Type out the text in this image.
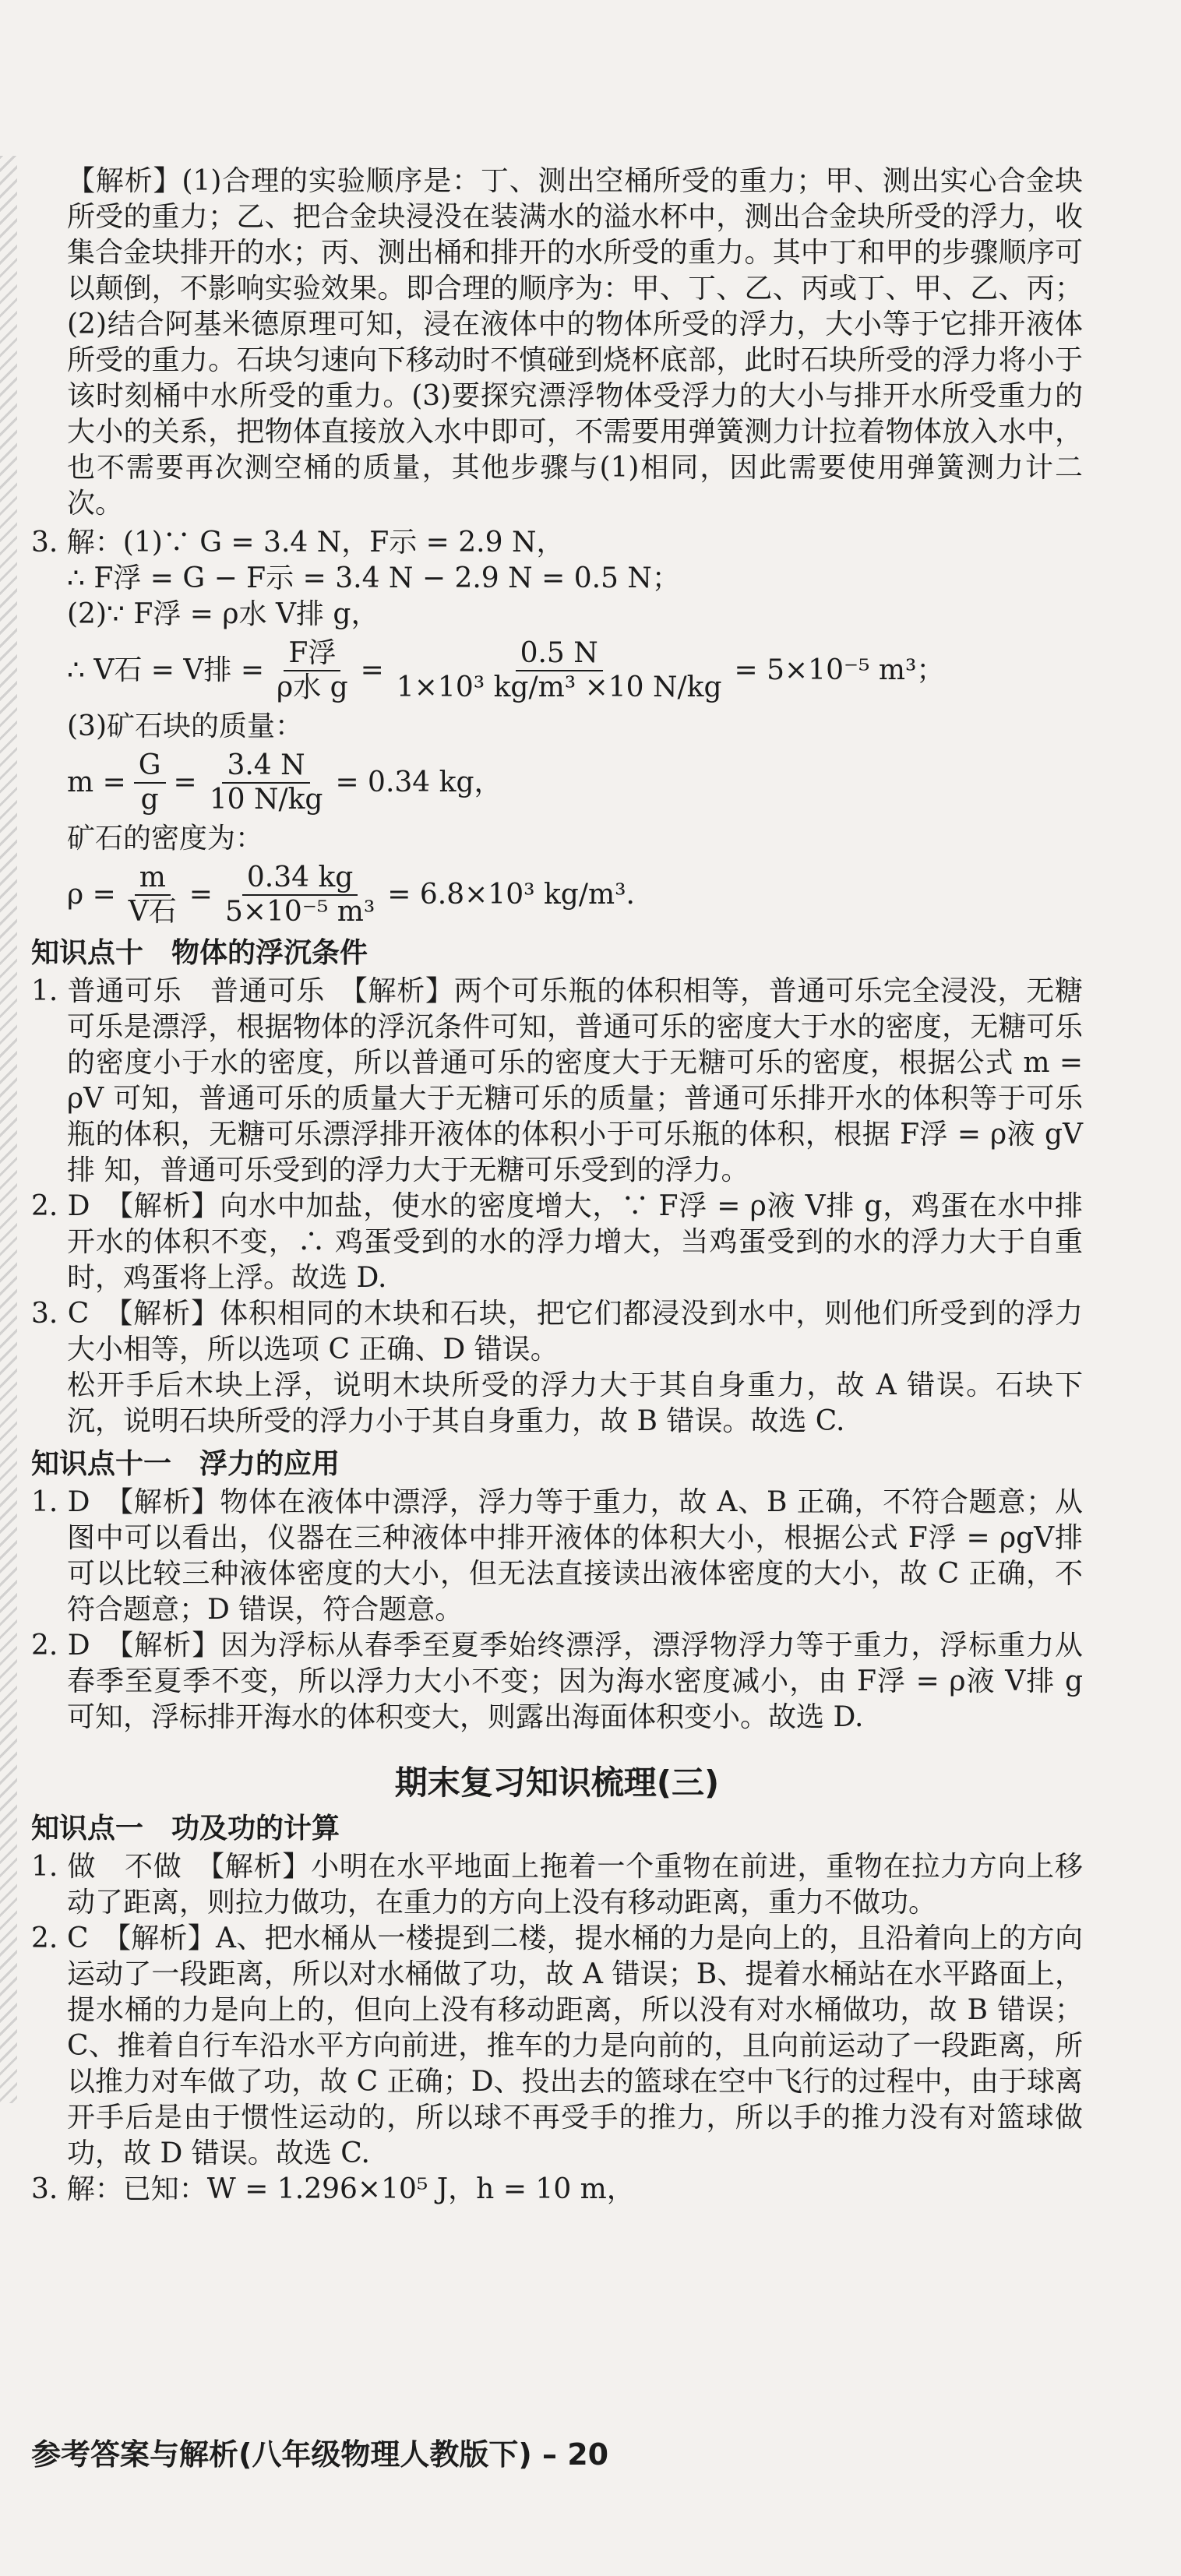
【解析】(1)合理的实验顺序是：丁、测出空桶所受的重力；甲、测出实心合金块所受的重力；乙、把合金块浸没在装满水的溢水杯中，测出合金块所受的浮力，收集合金块排开的水；丙、测出桶和排开的水所受的重力。其中丁和甲的步骤顺序可以颠倒，不影响实验效果。即合理的顺序为：甲、丁、乙、丙或丁、甲、乙、丙；(2)结合阿基米德原理可知，浸在液体中的物体所受的浮力，大小等于它排开液体所受的重力。石块匀速向下移动时不慎碰到烧杯底部，此时石块所受的浮力将小于该时刻桶中水所受的重力。(3)要探究漂浮物体受浮力的大小与排开水所受重力的大小的关系，把物体直接放入水中即可，不需要用弹簧测力计拉着物体放入水中，也不需要再次测空桶的质量，其他步骤与(1)相同，因此需要使用弹簧测力计二次。

3. 解：(1)∵ G = 3.4 N，F示 = 2.9 N，

∴ F浮 = G − F示 = 3.4 N − 2.9 N = 0.5 N；

(2)∵ F浮 = ρ水 V排 g，

∴ V石 = V排 = $\frac{\text{F浮}}{\text{ρ水 g}} = \frac{0.5 N}{\text{1×10³ kg/m³ ×10 N/kg}} = 5\times 10^{-5}$ m³；

(3)矿石块的质量：

$m = \frac{G}{g} = \frac{3.4 N}{10 N/kg} = 0.34$ kg，

矿石的密度为：

$\rho = \frac{m}{\text{V石}} = \frac{0.34 kg}{\text{5×10⁻⁵ m³}} = 6.8\times 10^3$ kg/m³.
知识点十　物体的浮沉条件

1. 普通可乐　普通可乐　【解析】两个可乐瓶的体积相等，普通可乐完全浸没，无糖可乐是漂浮，根据物体的浮沉条件可知，普通可乐的密度大于水的密度，无糖可乐的密度小于水的密度，所以普通可乐的密度大于无糖可乐的密度，根据公式 m = ρV 可知，普通可乐的质量大于无糖可乐的质量；普通可乐排开水的体积等于可乐瓶的体积，无糖可乐漂浮排开液体的体积小于可乐瓶的体积，根据 F浮 = ρ液 gV排 知，普通可乐受到的浮力大于无糖可乐受到的浮力。

2. D　【解析】向水中加盐，使水的密度增大，∵ F浮 = ρ液 V排 g，鸡蛋在水中排开水的体积不变，∴ 鸡蛋受到的水的浮力增大，当鸡蛋受到的水的浮力大于自重时，鸡蛋将上浮。故选 D.

3. C　【解析】体积相同的木块和石块，把它们都浸没到水中，则他们所受到的浮力大小相等，所以选项 C 正确、D 错误。

松开手后木块上浮，说明木块所受的浮力大于其自身重力，故 A 错误。石块下沉，说明石块所受的浮力小于其自身重力，故 B 错误。故选 C.

知识点十一　浮力的应用

1. D　【解析】物体在液体中漂浮，浮力等于重力，故 A、B 正确，不符合题意；从图中可以看出，仪器在三种液体中排开液体的体积大小，根据公式 F浮 = ρgV排 可以比较三种液体密度的大小，但无法直接读出液体密度的大小，故 C 正确，不符合题意；D 错误，符合题意。

2. D　【解析】因为浮标从春季至夏季始终漂浮，漂浮物浮力等于重力，浮标重力从春季至夏季不变，所以浮力大小不变；因为海水密度减小，由 F浮 = ρ液 V排 g 可知，浮标排开海水的体积变大，则露出海面体积变小。故选 D.

期末复习知识梳理(三)
知识点一　功及功的计算

1. 做　不做　【解析】小明在水平地面上拖着一个重物在前进，重物在拉力方向上移动了距离，则拉力做功，在重力的方向上没有移动距离，重力不做功。

2. C　【解析】A、把水桶从一楼提到二楼，提水桶的力是向上的，且沿着向上的方向运动了一段距离，所以对水桶做了功，故 A 错误；B、提着水桶站在水平路面上，提水桶的力是向上的，但向上没有移动距离，所以没有对水桶做功，故 B 错误；C、推着自行车沿水平方向前进，推车的力是向前的，且向前运动了一段距离，所以推力对车做了功，故 C 正确；D、投出去的篮球在空中飞行的过程中，由于球离开手后是由于惯性运动的，所以球不再受手的推力，所以手的推力没有对篮球做功，故 D 错误。故选 C.

3. 解：已知：W = 1.296×10⁵ J，h = 10 m，

参考答案与解析(八年级物理人教版下) – 20
